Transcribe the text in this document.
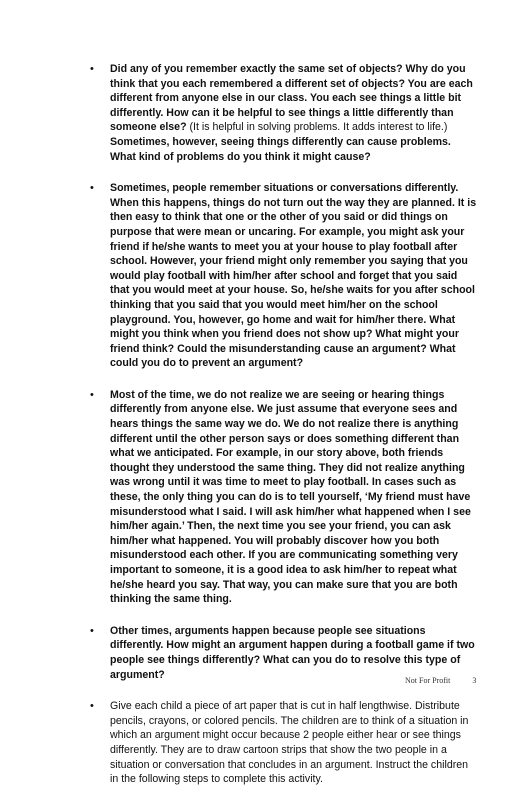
• Did any of you remember exactly the same set of objects? Why do you think that you each remembered a different set of objects? You are each different from anyone else in our class. You each see things a little bit differently. How can it be helpful to see things a little differently than someone else? (It is helpful in solving problems. It adds interest to life.) Sometimes, however, seeing things differently can cause problems. What kind of problems do you think it might cause?
• Sometimes, people remember situations or conversations differently. When this happens, things do not turn out the way they are planned. It is then easy to think that one or the other of you said or did things on purpose that were mean or uncaring. For example, you might ask your friend if he/she wants to meet you at your house to play football after school. However, your friend might only remember you saying that you would play football with him/her after school and forget that you said that you would meet at your house. So, he/she waits for you after school thinking that you said that you would meet him/her on the school playground. You, however, go home and wait for him/her there. What might you think when you friend does not show up? What might your friend think? Could the misunderstanding cause an argument? What could you do to prevent an argument?
• Most of the time, we do not realize we are seeing or hearing things differently from anyone else. We just assume that everyone sees and hears things the same way we do. We do not realize there is anything different until the other person says or does something different than what we anticipated. For example, in our story above, both friends thought they understood the same thing. They did not realize anything was wrong until it was time to meet to play football. In cases such as these, the only thing you can do is to tell yourself, ‘My friend must have misunderstood what I said. I will ask him/her what happened when I see him/her again.’ Then, the next time you see your friend, you can ask him/her what happened. You will probably discover how you both misunderstood each other. If you are communicating something very important to someone, it is a good idea to ask him/her to repeat what he/she heard you say. That way, you can make sure that you are both thinking the same thing.
• Other times, arguments happen because people see situations differently. How might an argument happen during a football game if two people see things differently? What can you do to resolve this type of argument?
• Give each child a piece of art paper that is cut in half lengthwise. Distribute pencils, crayons, or colored pencils. The children are to think of a situation in which an argument might occur because 2 people either hear or see things differently. They are to draw cartoon strips that show the two people in a situation or conversation that concludes in an argument. Instruct the children in the following steps to complete this activity.
Not For Profit	3
